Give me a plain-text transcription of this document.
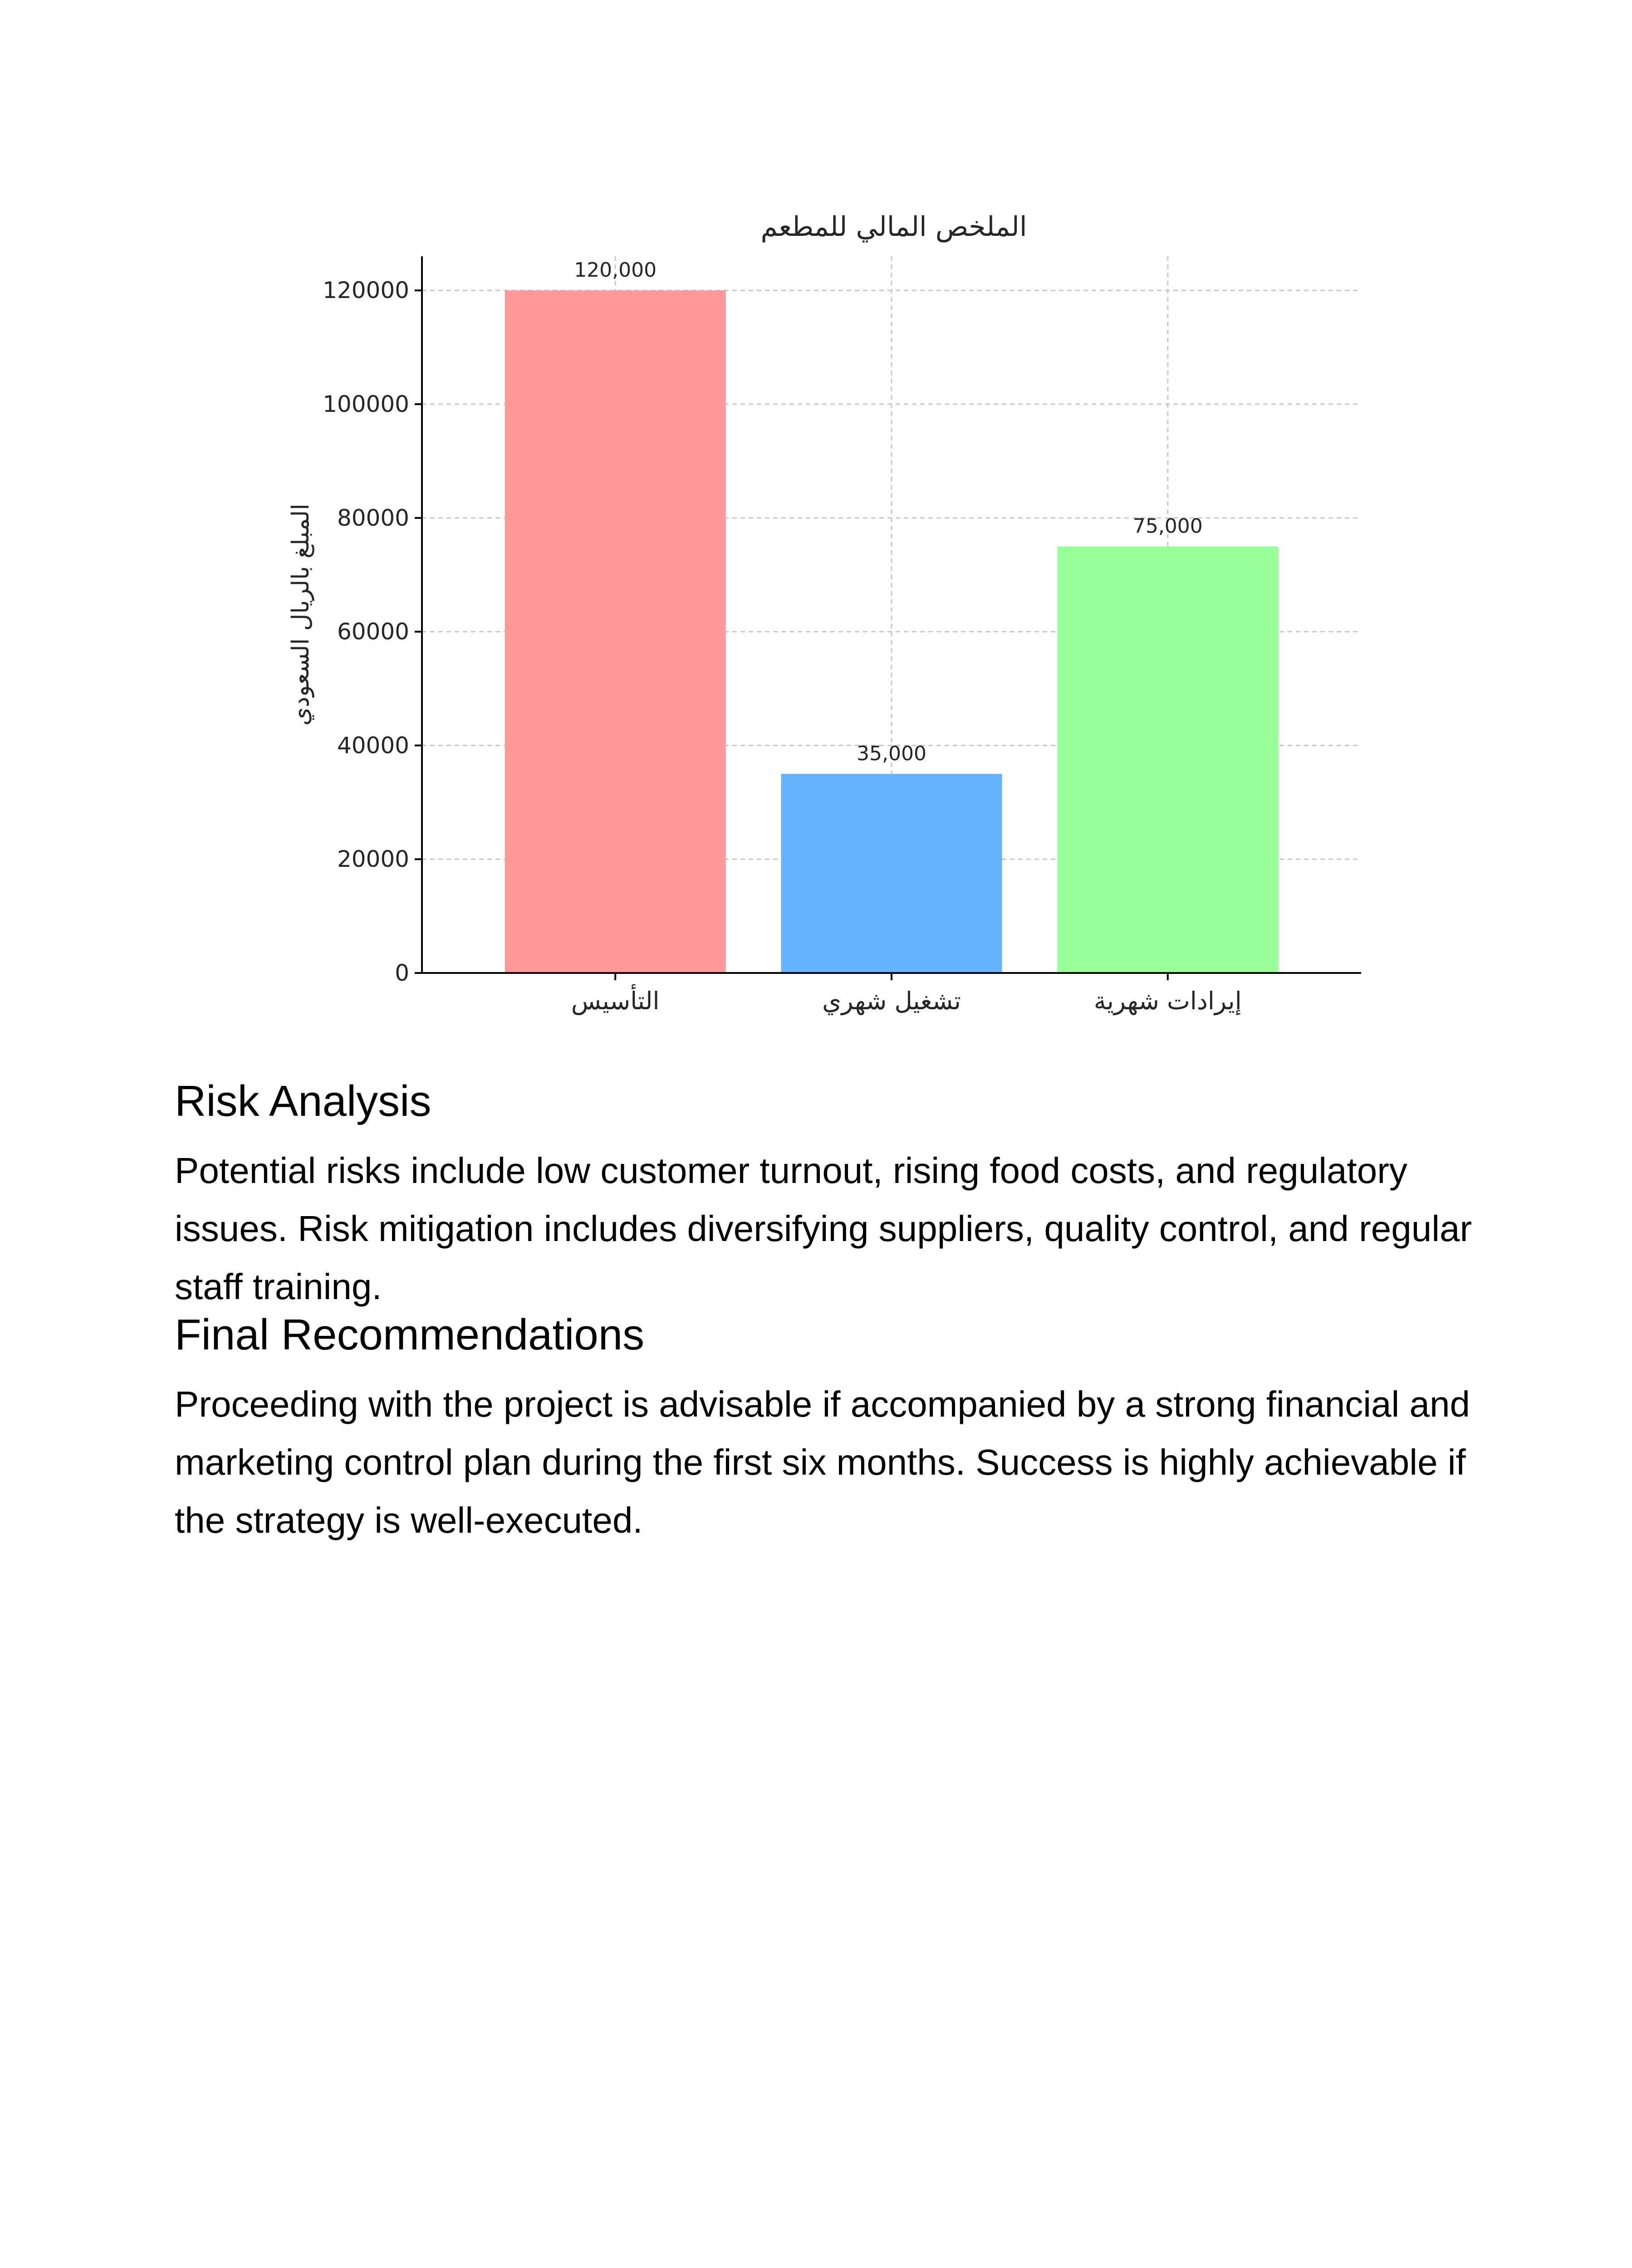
الملخص المالي للمطعم
المبلغ بالريال السعودي
120,000
35,000
75,000
0
20000
40000
60000
80000
100000
120000
التأسيس	تشغيل شهري	إيرادات شهرية
Risk Analysis

Potential risks include low customer turnout, rising food costs, and regulatory issues. Risk mitigation includes diversifying suppliers, quality control, and regular staff training.

Final Recommendations

Proceeding with the project is advisable if accompanied by a strong financial and marketing control plan during the first six months. Success is highly achievable if the strategy is well-executed.
